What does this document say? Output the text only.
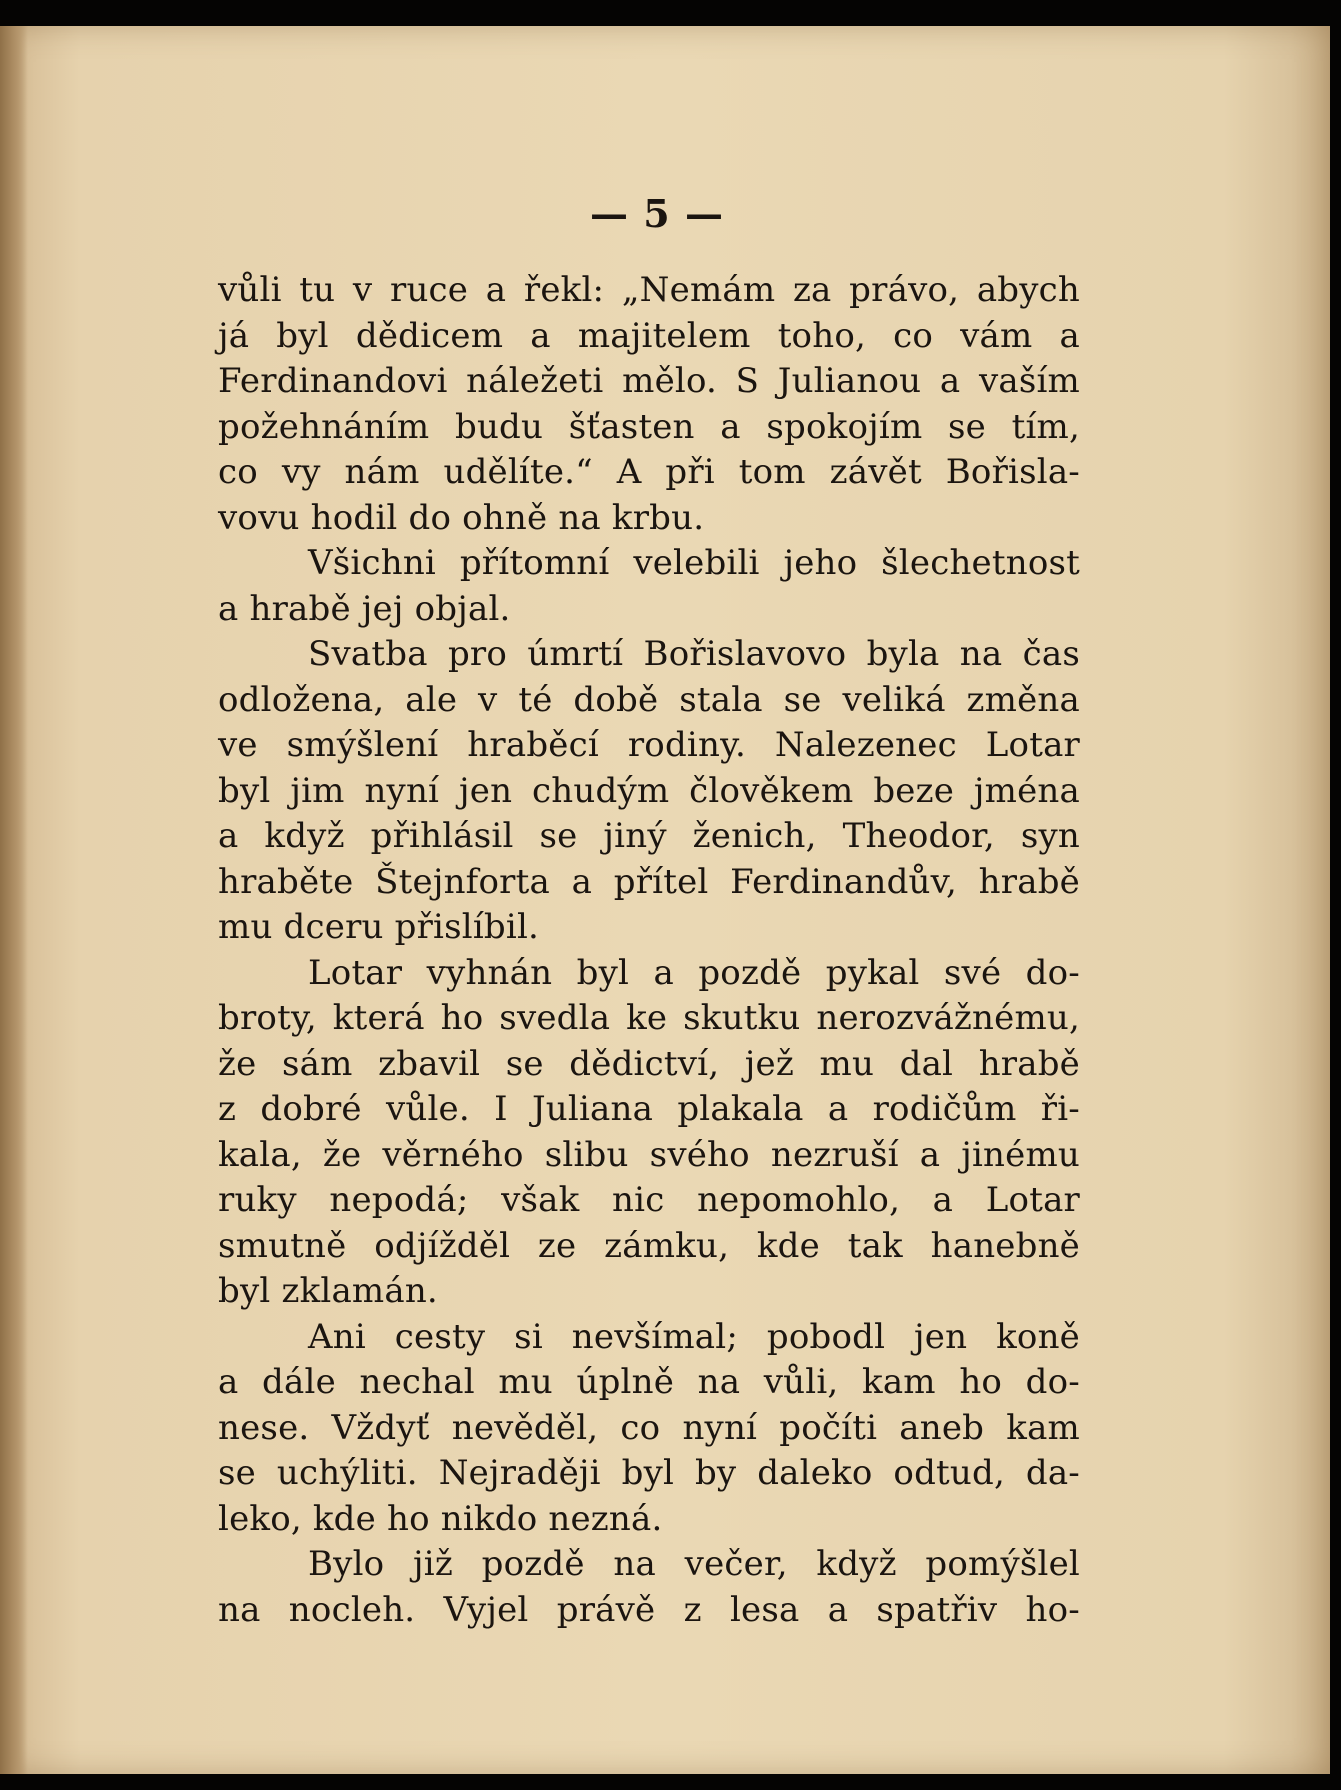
— 5 —
vůli tu v ruce a řekl: „Nemám za právo, abych
já byl dědicem a majitelem toho, co vám a
Ferdinandovi náležeti mělo. S Julianou a vaším
požehnáním budu šťasten a spokojím se tím,
co vy nám udělíte.“ A při tom závět Bořisla-
vovu hodil do ohně na krbu.
Všichni přítomní velebili jeho šlechetnost
a hrabě jej objal.
Svatba pro úmrtí Bořislavovo byla na čas
odložena, ale v té době stala se veliká změna
ve smýšlení hraběcí rodiny. Nalezenec Lotar
byl jim nyní jen chudým člověkem beze jména
a když přihlásil se jiný ženich, Theodor, syn
hraběte Štejnforta a přítel Ferdinandův, hrabě
mu dceru přislíbil.
Lotar vyhnán byl a pozdě pykal své do-
broty, která ho svedla ke skutku nerozvážnému,
že sám zbavil se dědictví, jež mu dal hrabě
z dobré vůle. I Juliana plakala a rodičům ři-
kala, že věrného slibu svého nezruší a jinému
ruky nepodá; však nic nepomohlo, a Lotar
smutně odjížděl ze zámku, kde tak hanebně
byl zklamán.
Ani cesty si nevšímal; pobodl jen koně
a dále nechal mu úplně na vůli, kam ho do-
nese. Vždyť nevěděl, co nyní počíti aneb kam
se uchýliti. Nejraději byl by daleko odtud, da-
leko, kde ho nikdo nezná.
Bylo již pozdě na večer, když pomýšlel
na nocleh. Vyjel právě z lesa a spatřiv ho-
